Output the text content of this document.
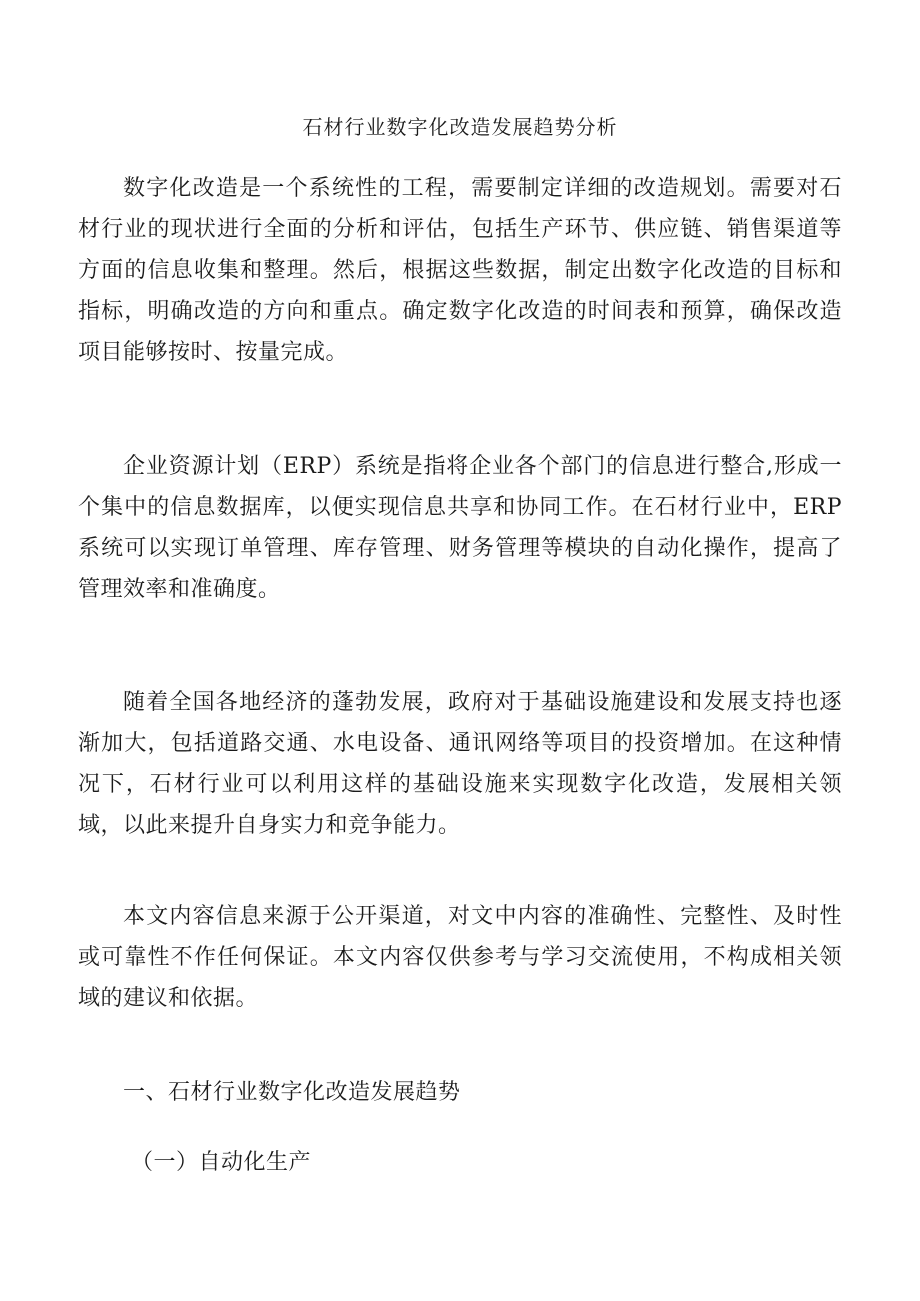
石材行业数字化改造发展趋势分析

数字化改造是一个系统性的工程，需要制定详细的改造规划。需要对石材行业的现状进行全面的分析和评估，包括生产环节、供应链、销售渠道等方面的信息收集和整理。然后，根据这些数据，制定出数字化改造的目标和指标，明确改造的方向和重点。确定数字化改造的时间表和预算，确保改造项目能够按时、按量完成。

企业资源计划（ERP）系统是指将企业各个部门的信息进行整合,形成一个集中的信息数据库，以便实现信息共享和协同工作。在石材行业中，ERP系统可以实现订单管理、库存管理、财务管理等模块的自动化操作，提高了管理效率和准确度。

随着全国各地经济的蓬勃发展，政府对于基础设施建设和发展支持也逐渐加大，包括道路交通、水电设备、通讯网络等项目的投资增加。在这种情况下，石材行业可以利用这样的基础设施来实现数字化改造，发展相关领域，以此来提升自身实力和竞争能力。

本文内容信息来源于公开渠道，对文中内容的准确性、完整性、及时性或可靠性不作任何保证。本文内容仅供参考与学习交流使用，不构成相关领域的建议和依据。

一、石材行业数字化改造发展趋势
（一）自动化生产
